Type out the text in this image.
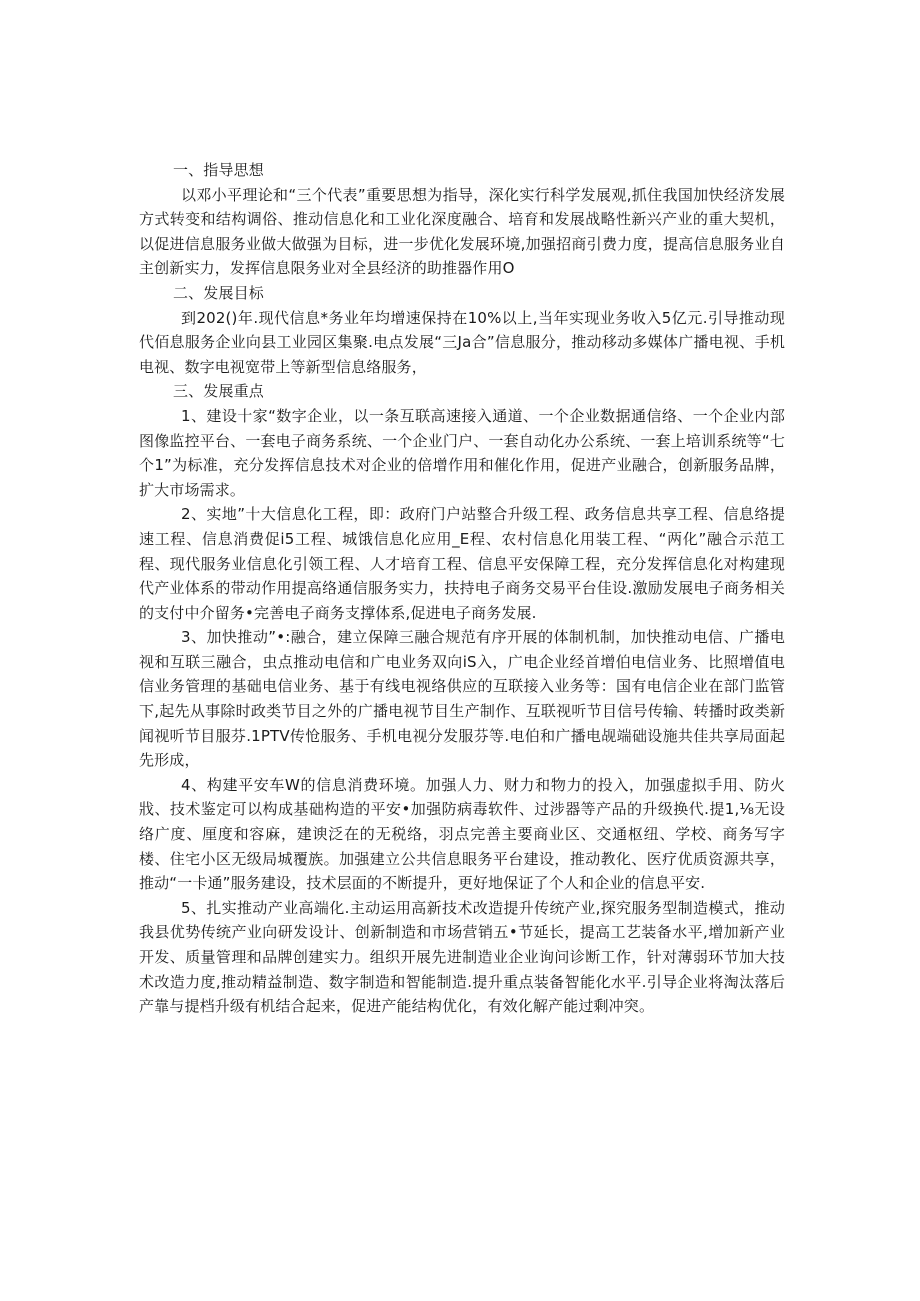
一、指导思想

以邓小平理论和“三个代表”重要思想为指导，深化实行科学发展观,抓住我国加快经济发展方式转变和结构调俗、推动信息化和工业化深度融合、培育和发展战略性新兴产业的重大契机，以促进信息服务业做大做强为目标，进一步优化发展环境,加强招商引费力度，提高信息服务业自主创新实力，发挥信息限务业对全县经济的助推器作用O

二、发展目标

到202()年.现代信息*务业年均增速保持在10%以上,当年实现业务收入5亿元.引导推动现代佰息服务企业向县工业园区集聚.电点发展“三Ja合”信息服分，推动移动多媒体广播电视、手机电视、数字电视宽带上等新型信息络服务，

三、发展重点

1、建设十家“数字企业，以一条互联高速接入通道、一个企业数据通信络、一个企业内部图像监控平台、一套电子商务系统、一个企业门户、一套自动化办公系统、一套上培训系统等“七个1”为标准，充分发挥信息技术对企业的倍增作用和催化作用，促进产业融合，创新服务品牌，扩大市场需求。

2、实地”十大信息化工程，即：政府门户站整合升级工程、政务信息共享工程、信息络提速工程、信息消费促i5工程、城饿信息化应用_E程、农村信息化用装工程、“两化”融合示范工程、现代服务业信息化引领工程、人才培育工程、信息平安保障工程，充分发挥信息化对构建现代产业体系的带动作用提高络通信服务实力，扶持电子商务交易平台佳设.激励发展电子商务相关的支付中介留务•完善电子商务支撑体系,促进电子商务发展.

3、加快推动”•:融合，建立保障三融合规范有序开展的体制机制，加快推动电信、广播电视和互联三融合，虫点推动电信和广电业务双向iS入，广电企业经首增伯电信业务、比照增值电信业务管理的基础电信业务、基于有线电视络供应的互联接入业务等：国有电信企业在部门监管下,起先从事除时政类节目之外的广播电视节目生产制作、互联视听节目信号传输、转播时政类新闻视听节目服芬.1PTV传怆服务、手机电视分发服芬等.电伯和广播电觇端础设施共佳共享局面起先形成，

4、构建平安车W的信息消费环境。加强人力、财力和物力的投入，加强虚拟手用、防火戕、技术鉴定可以构成基础构造的平安•加强防病毒软件、过涉器等产品的升级换代.提1,⅛无设络广度、厘度和容麻，建谀泛在的无税络，羽点完善主要商业区、交通枢纽、学校、商务写字楼、住宅小区无级局城覆族。加强建立公共信息眼务平台建设，推动教化、医疗优质资源共享，推动“一卡通”服务建设，技术层面的不断提升，更好地保证了个人和企业的信息平安.

5、扎实推动产业高端化.主动运用高新技术改造提升传统产业,探究服务型制造模式，推动我县优势传统产业向研发设计、创新制造和市场营销五•节延长，提高工艺装备水平,增加新产业开发、质量管理和品牌创建实力。组织开展先进制造业企业询问诊断工作，针对薄弱环节加大技术改造力度,推动精益制造、数字制造和智能制造.提升重点装备智能化水平.引导企业将淘汰落后产靠与提档升级有机结合起来，促进产能结构优化，有效化解产能过剩冲突。
